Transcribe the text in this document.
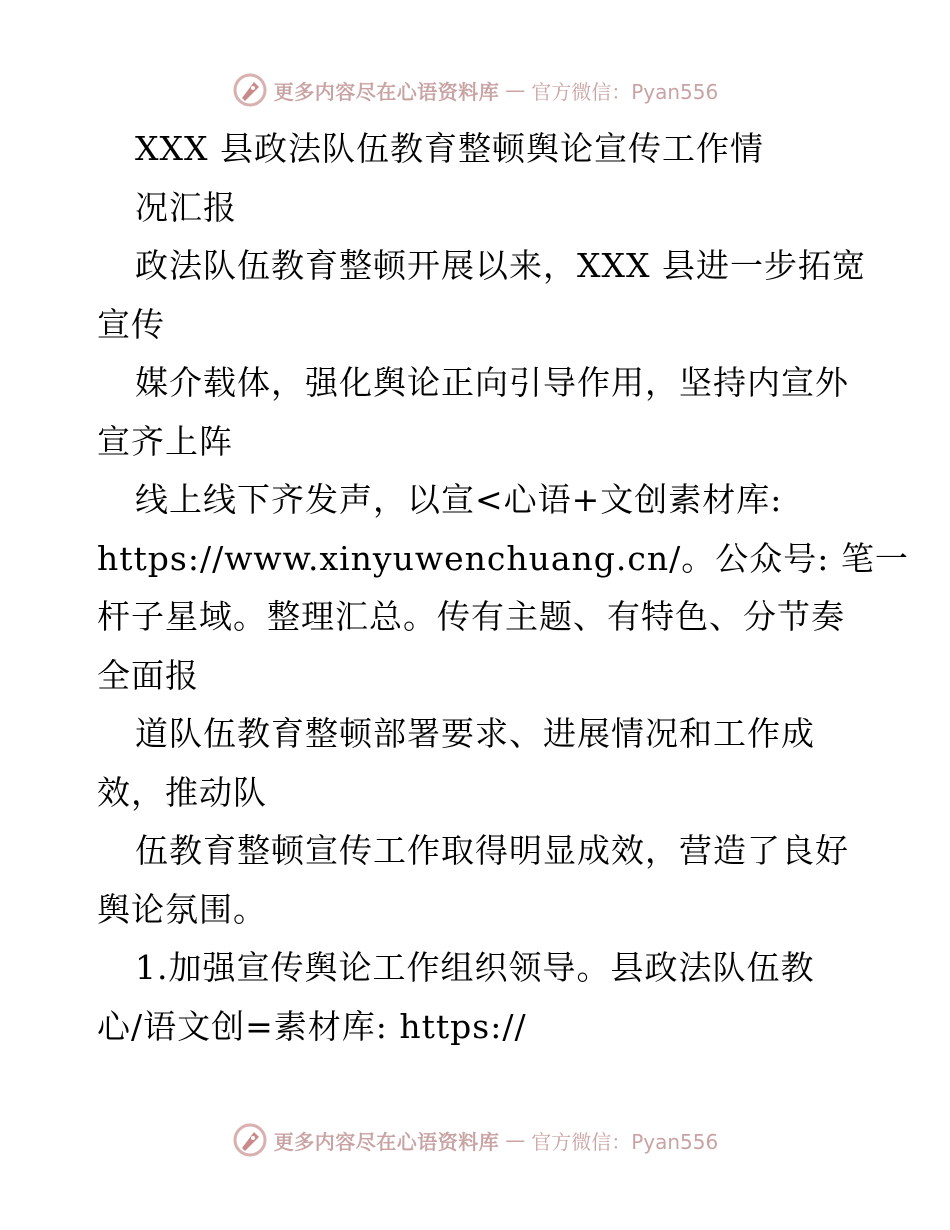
更多内容尽在心语资料库 — 官方微信：Pyan556
XXX 县政法队伍教育整顿舆论宣传工作情
况汇报
政法队伍教育整顿开展以来，XXX 县进一步拓宽
宣传
媒介载体，强化舆论正向引导作用，坚持内宣外
宣齐上阵
线上线下齐发声，以宣<心语+文创素材库:
https://www.xinyuwenchuang.cn/。公众号: 笔一
杆子星域。整理汇总。传有主题、有特色、分节奏
全面报
道队伍教育整顿部署要求、进展情况和工作成
效，推动队
伍教育整顿宣传工作取得明显成效，营造了良好
舆论氛围。
1.加强宣传舆论工作组织领导。县政法队伍教
心/语文创=素材库: https://
更多内容尽在心语资料库 — 官方微信：Pyan556
